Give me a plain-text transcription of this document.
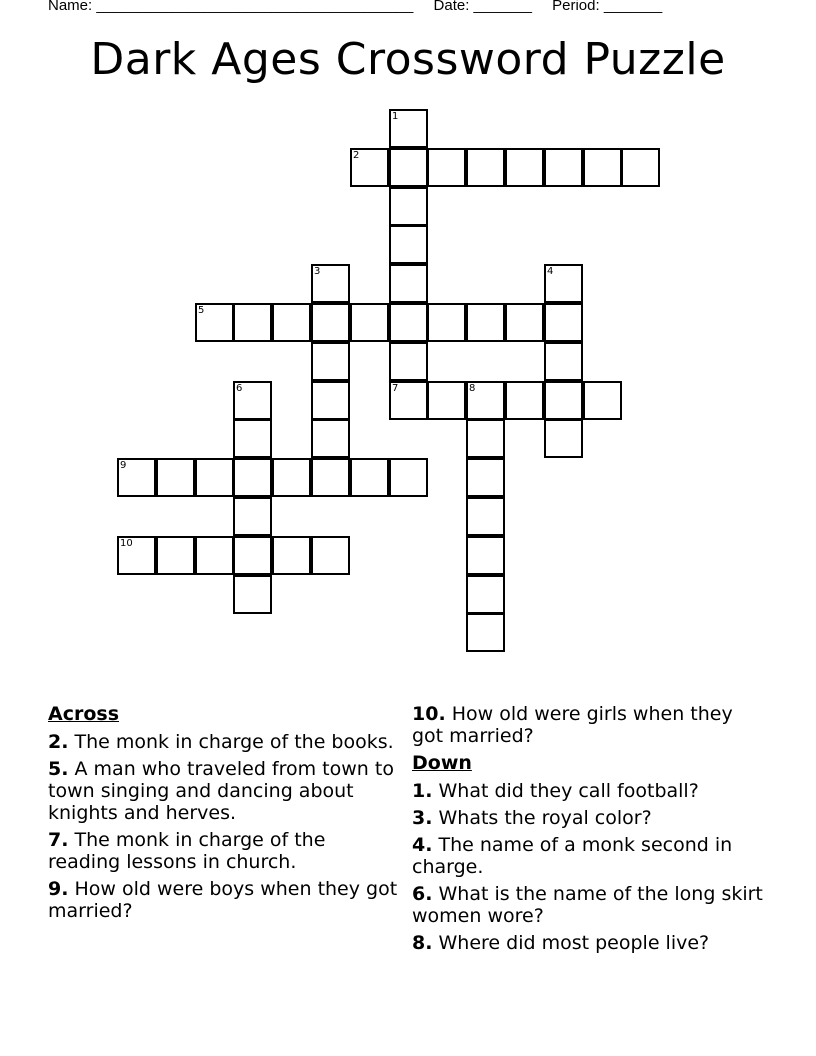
Name: ______________________________________ Date: _______ Period: _______
Dark Ages Crossword Puzzle
1
2
3	4
5
6	7	8
9
10
Across
2. The monk in charge of the books.
5. A man who traveled from town to town singing and dancing about knights and herves.
7. The monk in charge of the reading lessons in church.
9. How old were boys when they got married?
10. How old were girls when they got married?
Down
1. What did they call football?
3. Whats the royal color?
4. The name of a monk second in charge.
6. What is the name of the long skirt women wore?
8. Where did most people live?
